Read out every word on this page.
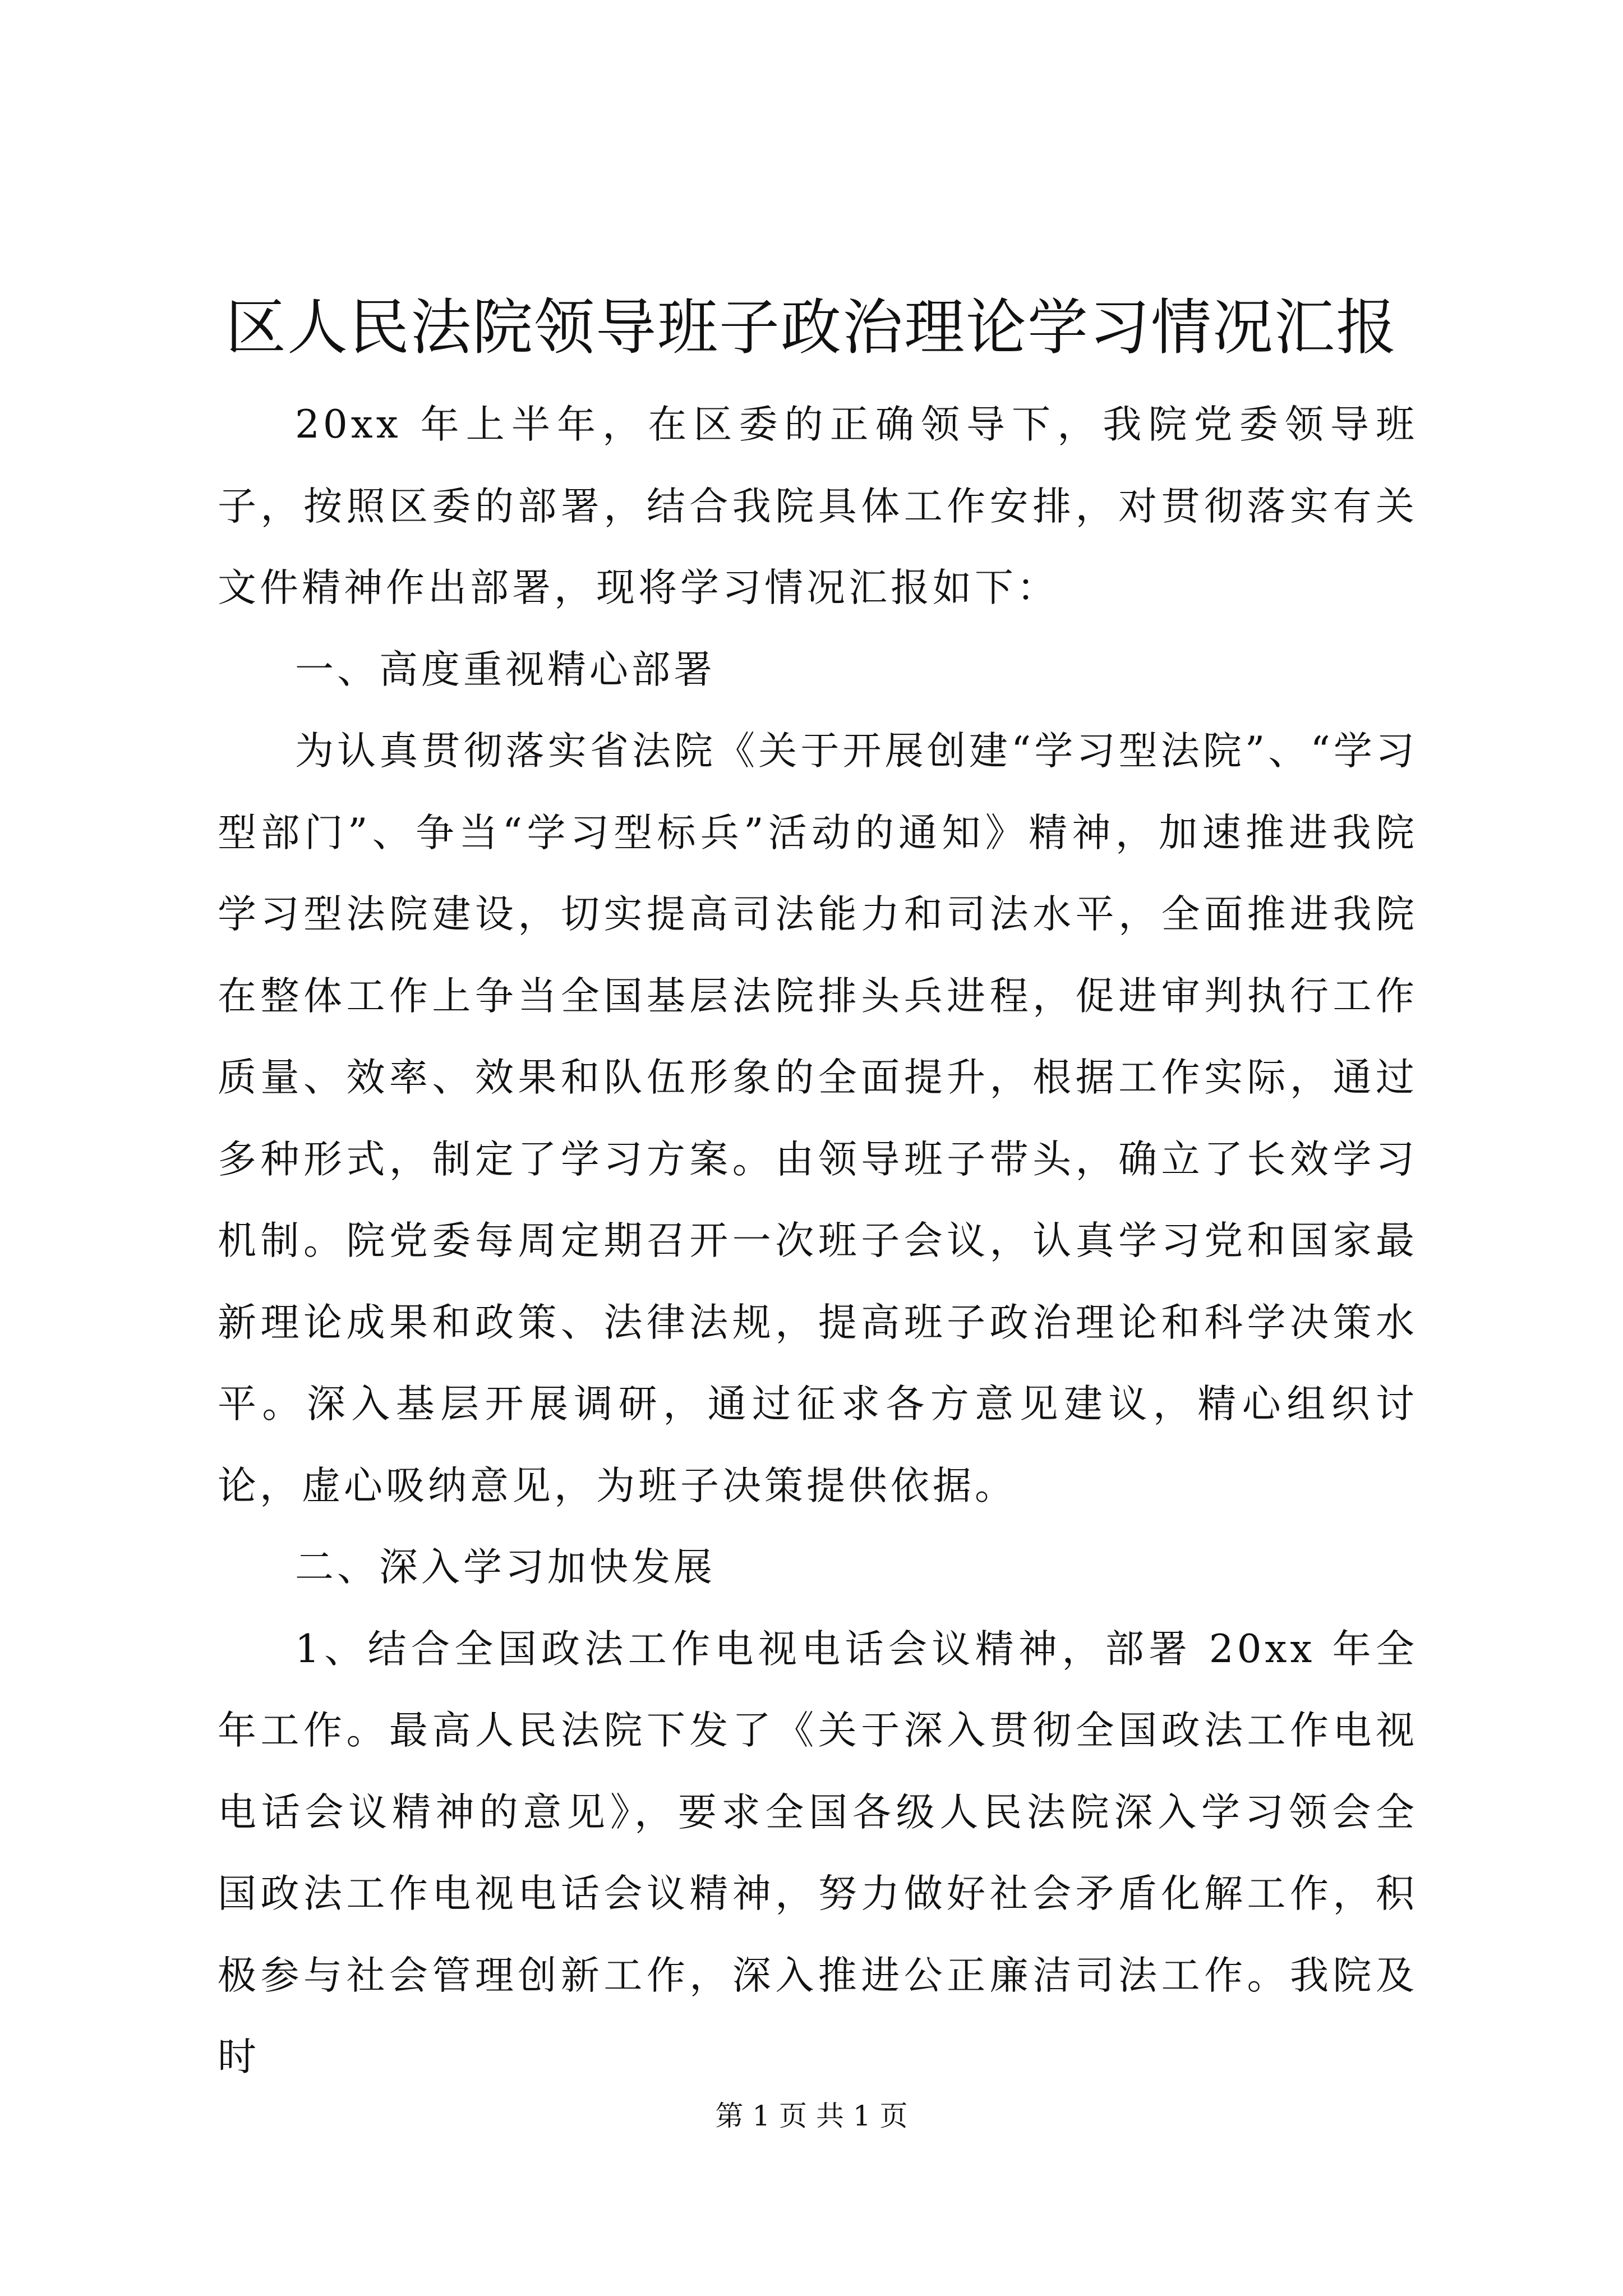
区人民法院领导班子政治理论学习情况汇报

20xx 年上半年，在区委的正确领导下，我院党委领导班子，按照区委的部署，结合我院具体工作安排，对贯彻落实有关文件精神作出部署，现将学习情况汇报如下：

一、高度重视精心部署

为认真贯彻落实省法院《关于开展创建“学习型法院”、“学习型部门”、争当“学习型标兵”活动的通知》精神，加速推进我院学习型法院建设，切实提高司法能力和司法水平，全面推进我院在整体工作上争当全国基层法院排头兵进程，促进审判执行工作质量、效率、效果和队伍形象的全面提升，根据工作实际，通过多种形式，制定了学习方案。由领导班子带头，确立了长效学习机制。院党委每周定期召开一次班子会议，认真学习党和国家最新理论成果和政策、法律法规，提高班子政治理论和科学决策水平。深入基层开展调研，通过征求各方意见建议，精心组织讨论，虚心吸纳意见，为班子决策提供依据。

二、深入学习加快发展

1、结合全国政法工作电视电话会议精神，部署 20xx 年全年工作。最高人民法院下发了《关于深入贯彻全国政法工作电视电话会议精神的意见》，要求全国各级人民法院深入学习领会全国政法工作电视电话会议精神，努力做好社会矛盾化解工作，积极参与社会管理创新工作，深入推进公正廉洁司法工作。我院及时

第 1 页 共 1 页
